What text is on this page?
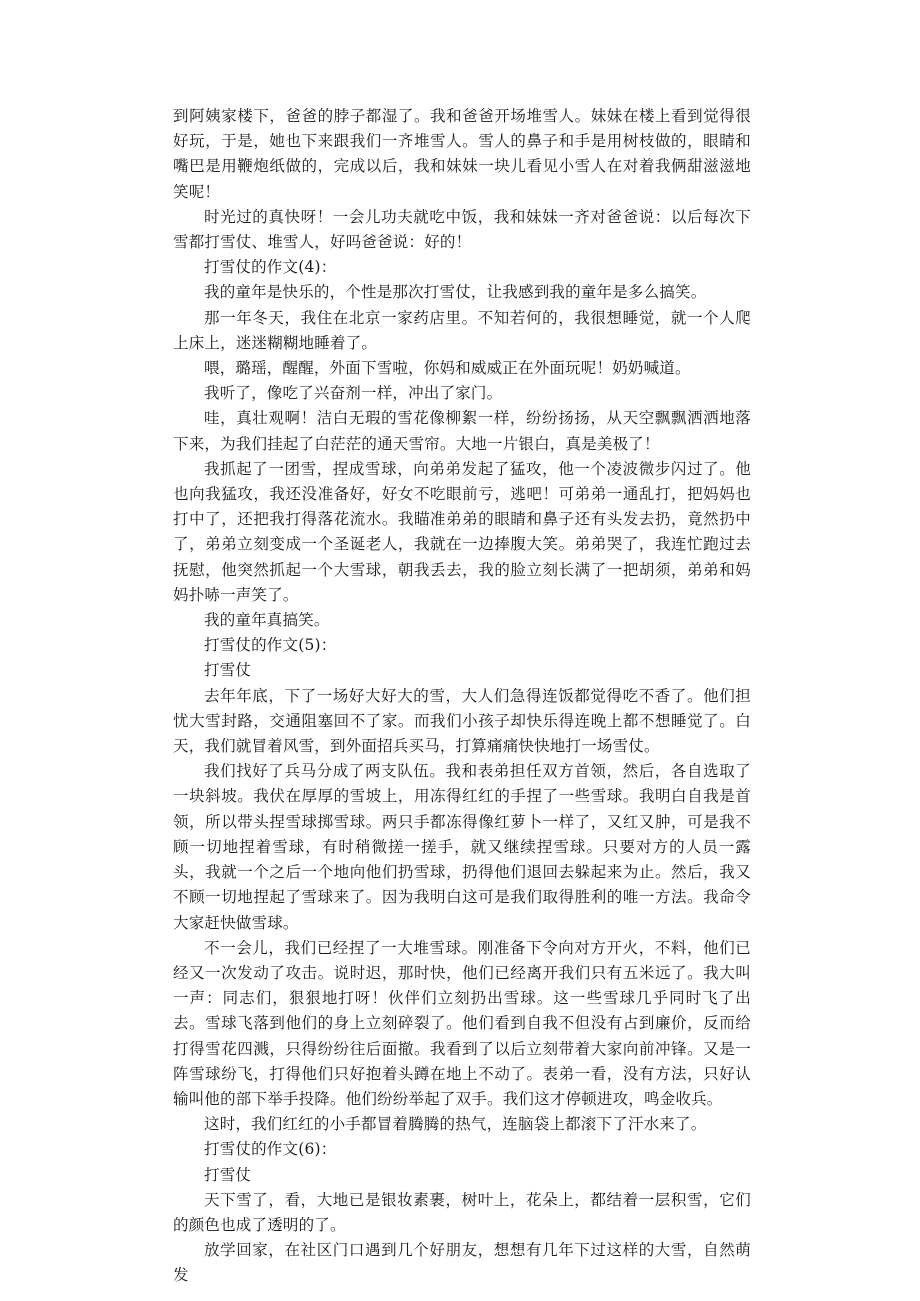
到阿姨家楼下，爸爸的脖子都湿了。我和爸爸开场堆雪人。妹妹在楼上看到觉得很好玩，于是，她也下来跟我们一齐堆雪人。雪人的鼻子和手是用树枝做的，眼睛和嘴巴是用鞭炮纸做的，完成以后，我和妹妹一块儿看见小雪人在对着我俩甜滋滋地笑呢！

时光过的真快呀！一会儿功夫就吃中饭，我和妹妹一齐对爸爸说：以后每次下雪都打雪仗、堆雪人，好吗爸爸说：好的！

打雪仗的作文(4)：

我的童年是快乐的，个性是那次打雪仗，让我感到我的童年是多么搞笑。

那一年冬天，我住在北京一家药店里。不知若何的，我很想睡觉，就一个人爬上床上，迷迷糊糊地睡着了。

喂，璐瑶，醒醒，外面下雪啦，你妈和威威正在外面玩呢！奶奶喊道。

我听了，像吃了兴奋剂一样，冲出了家门。

哇，真壮观啊！洁白无瑕的雪花像柳絮一样，纷纷扬扬，从天空飘飘洒洒地落下来，为我们挂起了白茫茫的通天雪帘。大地一片银白，真是美极了！

我抓起了一团雪，捏成雪球，向弟弟发起了猛攻，他一个凌波微步闪过了。他也向我猛攻，我还没准备好，好女不吃眼前亏，逃吧！可弟弟一通乱打，把妈妈也打中了，还把我打得落花流水。我瞄准弟弟的眼睛和鼻子还有头发去扔，竟然扔中了，弟弟立刻变成一个圣诞老人，我就在一边捧腹大笑。弟弟哭了，我连忙跑过去抚慰，他突然抓起一个大雪球，朝我丢去，我的脸立刻长满了一把胡须，弟弟和妈妈扑哧一声笑了。

我的童年真搞笑。

打雪仗的作文(5)：

打雪仗

去年年底，下了一场好大好大的雪，大人们急得连饭都觉得吃不香了。他们担忧大雪封路，交通阻塞回不了家。而我们小孩子却快乐得连晚上都不想睡觉了。白天，我们就冒着风雪，到外面招兵买马，打算痛痛快快地打一场雪仗。

我们找好了兵马分成了两支队伍。我和表弟担任双方首领，然后，各自选取了一块斜坡。我伏在厚厚的雪坡上，用冻得红红的手捏了一些雪球。我明白自我是首领，所以带头捏雪球掷雪球。两只手都冻得像红萝卜一样了，又红又肿，可是我不顾一切地捏着雪球，有时稍微搓一搓手，就又继续捏雪球。只要对方的人员一露头，我就一个之后一个地向他们扔雪球，扔得他们退回去躲起来为止。然后，我又不顾一切地捏起了雪球来了。因为我明白这可是我们取得胜利的唯一方法。我命令大家赶快做雪球。

不一会儿，我们已经捏了一大堆雪球。刚准备下令向对方开火，不料，他们已经又一次发动了攻击。说时迟，那时快，他们已经离开我们只有五米远了。我大叫一声：同志们，狠狠地打呀！伙伴们立刻扔出雪球。这一些雪球几乎同时飞了出去。雪球飞落到他们的身上立刻碎裂了。他们看到自我不但没有占到廉价，反而给打得雪花四溅，只得纷纷往后面撤。我看到了以后立刻带着大家向前冲锋。又是一阵雪球纷飞，打得他们只好抱着头蹲在地上不动了。表弟一看，没有方法，只好认输叫他的部下举手投降。他们纷纷举起了双手。我们这才停顿进攻，鸣金收兵。

这时，我们红红的小手都冒着腾腾的热气，连脑袋上都滚下了汗水来了。

打雪仗的作文(6)：

打雪仗

天下雪了，看，大地已是银妆素裹，树叶上，花朵上，都结着一层积雪，它们的颜色也成了透明的了。

放学回家，在社区门口遇到几个好朋友，想想有几年下过这样的大雪，自然萌发
